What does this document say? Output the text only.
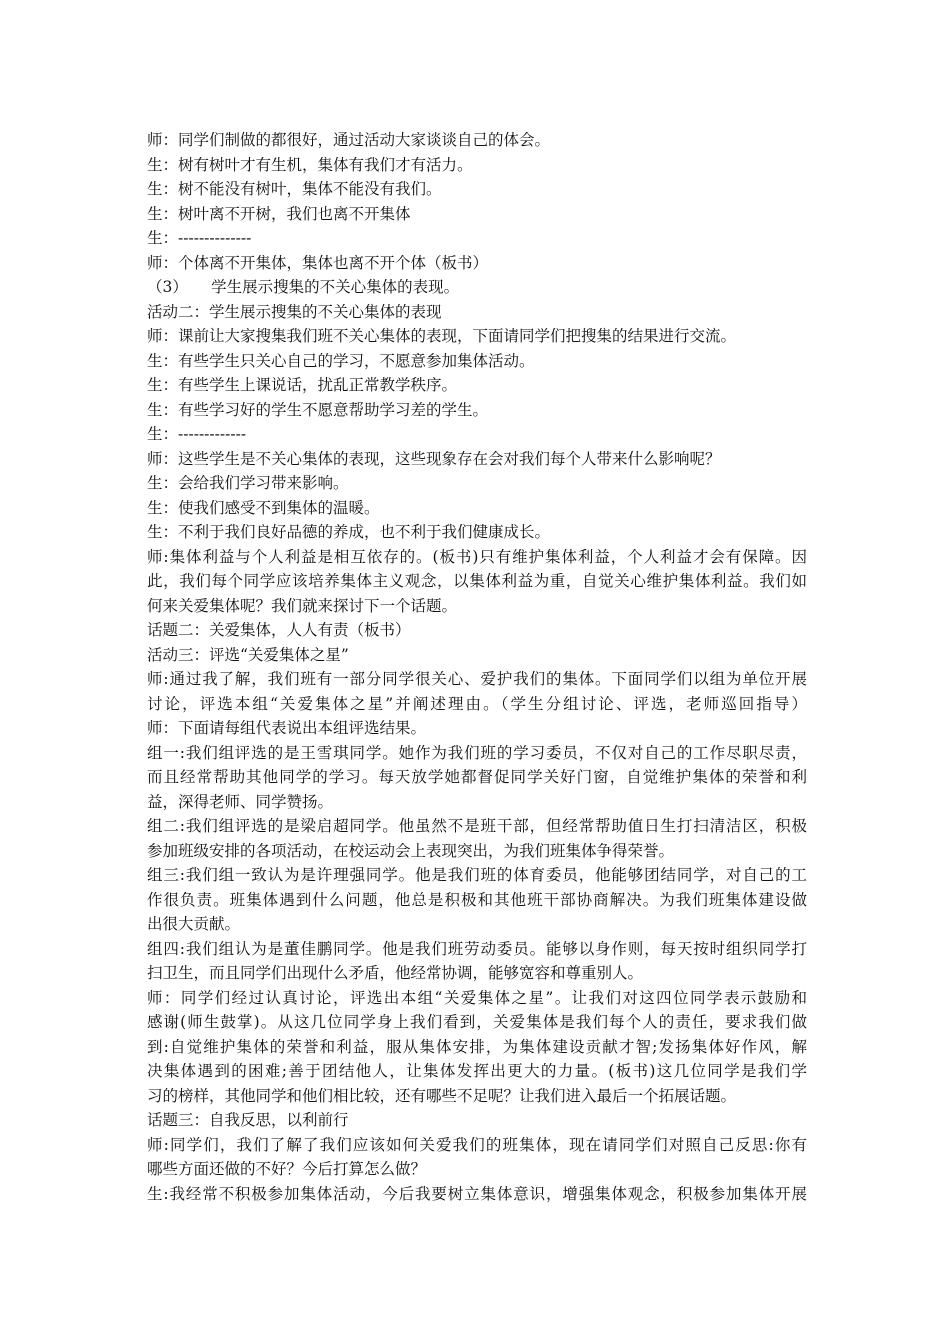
师：同学们制做的都很好，通过活动大家谈谈自己的体会。
生：树有树叶才有生机，集体有我们才有活力。
生：树不能没有树叶，集体不能没有我们。
生：树叶离不开树，我们也离不开集体
生：--------------
师：个体离不开集体，集体也离不开个体（板书）
（3）　　学生展示搜集的不关心集体的表现。
活动二：学生展示搜集的不关心集体的表现
师：课前让大家搜集我们班不关心集体的表现，下面请同学们把搜集的结果进行交流。
生：有些学生只关心自己的学习，不愿意参加集体活动。
生：有些学生上课说话，扰乱正常教学秩序。
生：有些学习好的学生不愿意帮助学习差的学生。
生：-------------
师：这些学生是不关心集体的表现，这些现象存在会对我们每个人带来什么影响呢？
生：会给我们学习带来影响。
生：使我们感受不到集体的温暖。
生：不利于我们良好品德的养成，也不利于我们健康成长。
师:集体利益与个人利益是相互依存的。(板书)只有维护集体利益，个人利益才会有保障。因
此，我们每个同学应该培养集体主义观念，以集体利益为重，自觉关心维护集体利益。我们如
何来关爱集体呢？我们就来探讨下一个话题。
话题二：关爱集体，人人有责（板书）
活动三：评选“关爱集体之星”
师:通过我了解，我们班有一部分同学很关心、爱护我们的集体。下面同学们以组为单位开展
讨论，评选本组“关爱集体之星”并阐述理由。（学生分组讨论、评选，老师巡回指导）
师：下面请每组代表说出本组评选结果。
组一:我们组评选的是王雪琪同学。她作为我们班的学习委员，不仅对自己的工作尽职尽责，
而且经常帮助其他同学的学习。每天放学她都督促同学关好门窗，自觉维护集体的荣誉和利
益，深得老师、同学赞扬。
组二:我们组评选的是梁启超同学。他虽然不是班干部，但经常帮助值日生打扫清洁区，积极
参加班级安排的各项活动，在校运动会上表现突出，为我们班集体争得荣誉。
组三:我们组一致认为是许理强同学。他是我们班的体育委员，他能够团结同学，对自己的工
作很负责。班集体遇到什么问题，他总是积极和其他班干部协商解决。为我们班集体建设做
出很大贡献。
组四:我们组认为是董佳鹏同学。他是我们班劳动委员。能够以身作则，每天按时组织同学打
扫卫生，而且同学们出现什么矛盾，他经常协调，能够宽容和尊重别人。
师：同学们经过认真讨论，评选出本组“关爱集体之星”。让我们对这四位同学表示鼓励和
感谢(师生鼓掌)。从这几位同学身上我们看到，关爱集体是我们每个人的责任，要求我们做
到:自觉维护集体的荣誉和利益，服从集体安排，为集体建设贡献才智;发扬集体好作风，解
决集体遇到的困难;善于团结他人，让集体发挥出更大的力量。(板书)这几位同学是我们学
习的榜样，其他同学和他们相比较，还有哪些不足呢？让我们进入最后一个拓展话题。
话题三：自我反思，以利前行
师:同学们，我们了解了我们应该如何关爱我们的班集体，现在请同学们对照自己反思:你有
哪些方面还做的不好？今后打算怎么做？
生:我经常不积极参加集体活动，今后我要树立集体意识，增强集体观念，积极参加集体开展
